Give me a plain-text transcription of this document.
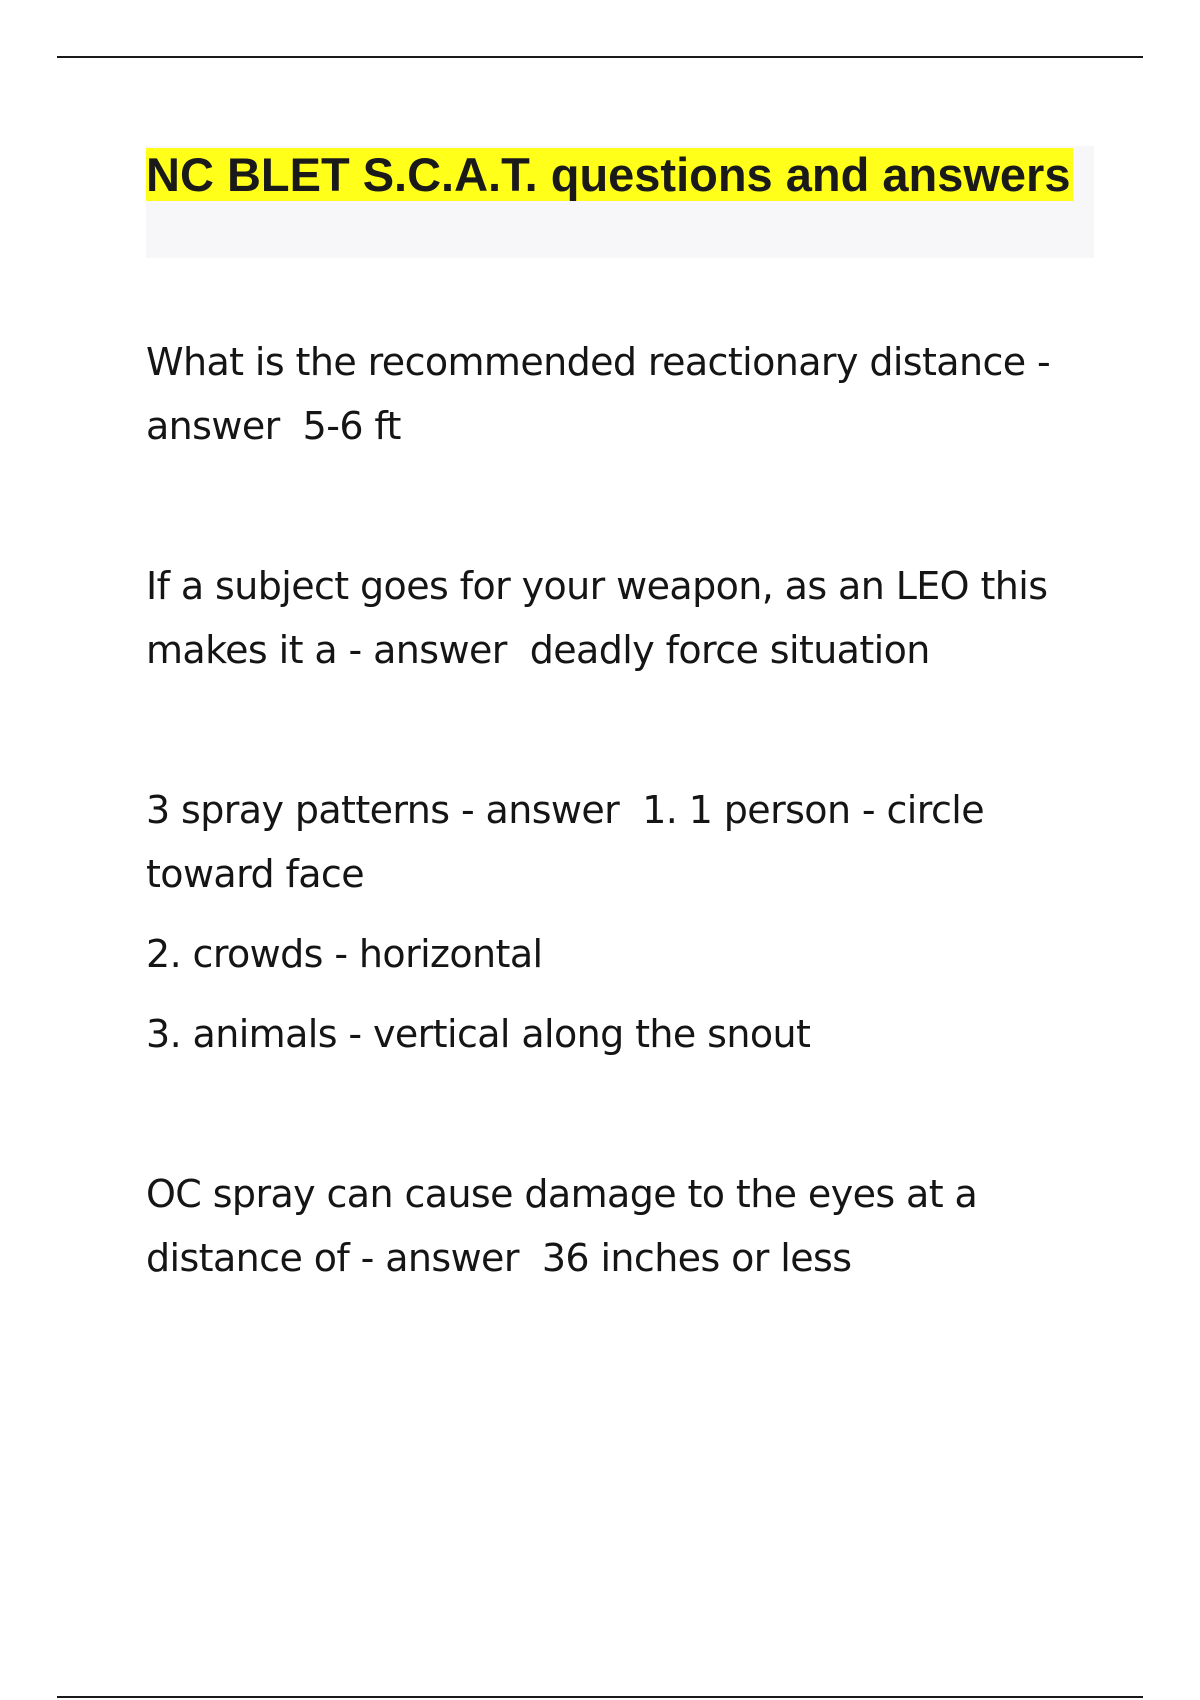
NC BLET S.C.A.T. questions and answers

What is the recommended reactionary distance - answer 5-6 ft

If a subject goes for your weapon, as an LEO this makes it a - answer deadly force situation

3 spray patterns - answer 1. 1 person - circle toward face

2. crowds - horizontal

3. animals - vertical along the snout

OC spray can cause damage to the eyes at a distance of - answer 36 inches or less
